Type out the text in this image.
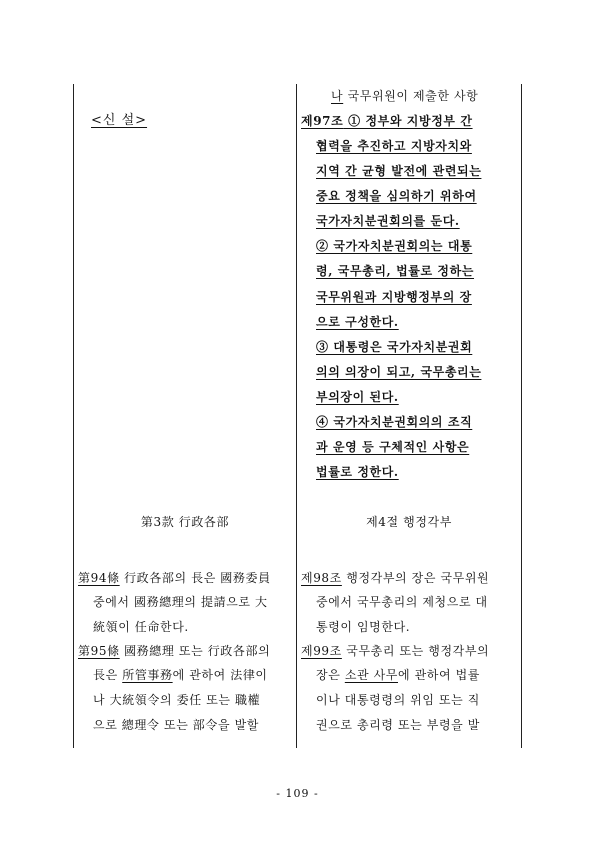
<신 설>
第3款 行政各部
第94條 行政各部의 長은 國務委員
중에서 國務總理의 提請으로 大
統領이 任命한다.
第95條 國務總理 또는 行政各部의
長은 所管事務에 관하여 法律이
나 大統領令의 委任 또는 職權
으로 總理令 또는 部令을 발할
나 국무위원이 제출한 사항
제97조 ① 정부와 지방정부 간
협력을 추진하고 지방자치와
지역 간 균형 발전에 관련되는
중요 정책을 심의하기 위하여
국가자치분권회의를 둔다.
② 국가자치분권회의는 대통
령, 국무총리, 법률로 정하는
국무위원과 지방행정부의 장
으로 구성한다.
③ 대통령은 국가자치분권회
의의 의장이 되고, 국무총리는
부의장이 된다.
④ 국가자치분권회의의 조직
과 운영 등 구체적인 사항은
법률로 정한다.
제4절 행정각부
제98조 행정각부의 장은 국무위원
중에서 국무총리의 제청으로 대
통령이 임명한다.
제99조 국무총리 또는 행정각부의
장은 소관 사무에 관하여 법률
이나 대통령령의 위임 또는 직
권으로 총리령 또는 부령을 발
- 109 -
